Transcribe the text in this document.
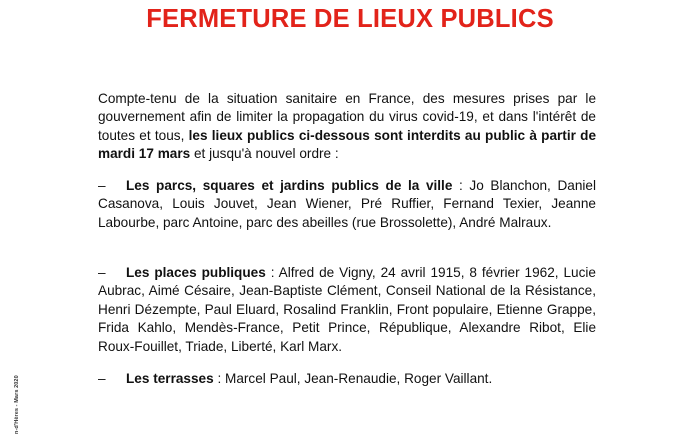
FERMETURE DE LIEUX PUBLICS

Compte-tenu de la situation sanitaire en France, des mesures prises par le gouvernement afin de limiter la propagation du virus covid-19, et dans l'intérêt de toutes et tous, les lieux publics ci-dessous sont interdits au public à partir de mardi 17 mars et jusqu'à nouvel ordre :

– Les parcs, squares et jardins publics de la ville : Jo Blanchon, Daniel Casanova, Louis Jouvet, Jean Wiener, Pré Ruffier, Fernand Texier, Jeanne Labourbe, parc Antoine, parc des abeilles (rue Brossolette), André Malraux.

– Les places publiques : Alfred de Vigny, 24 avril 1915, 8 février 1962, Lucie Aubrac, Aimé Césaire, Jean-Baptiste Clément, Conseil National de la Résistance, Henri Dézempte, Paul Eluard, Rosalind Franklin, Front populaire, Etienne Grappe, Frida Kahlo, Mendès-France, Petit Prince, République, Alexandre Ribot, Elie Roux-Fouillet, Triade, Liberté, Karl Marx.

– Les terrasses : Marcel Paul, Jean-Renaudie, Roger Vaillant.

n-d'Hères - Mars 2020
